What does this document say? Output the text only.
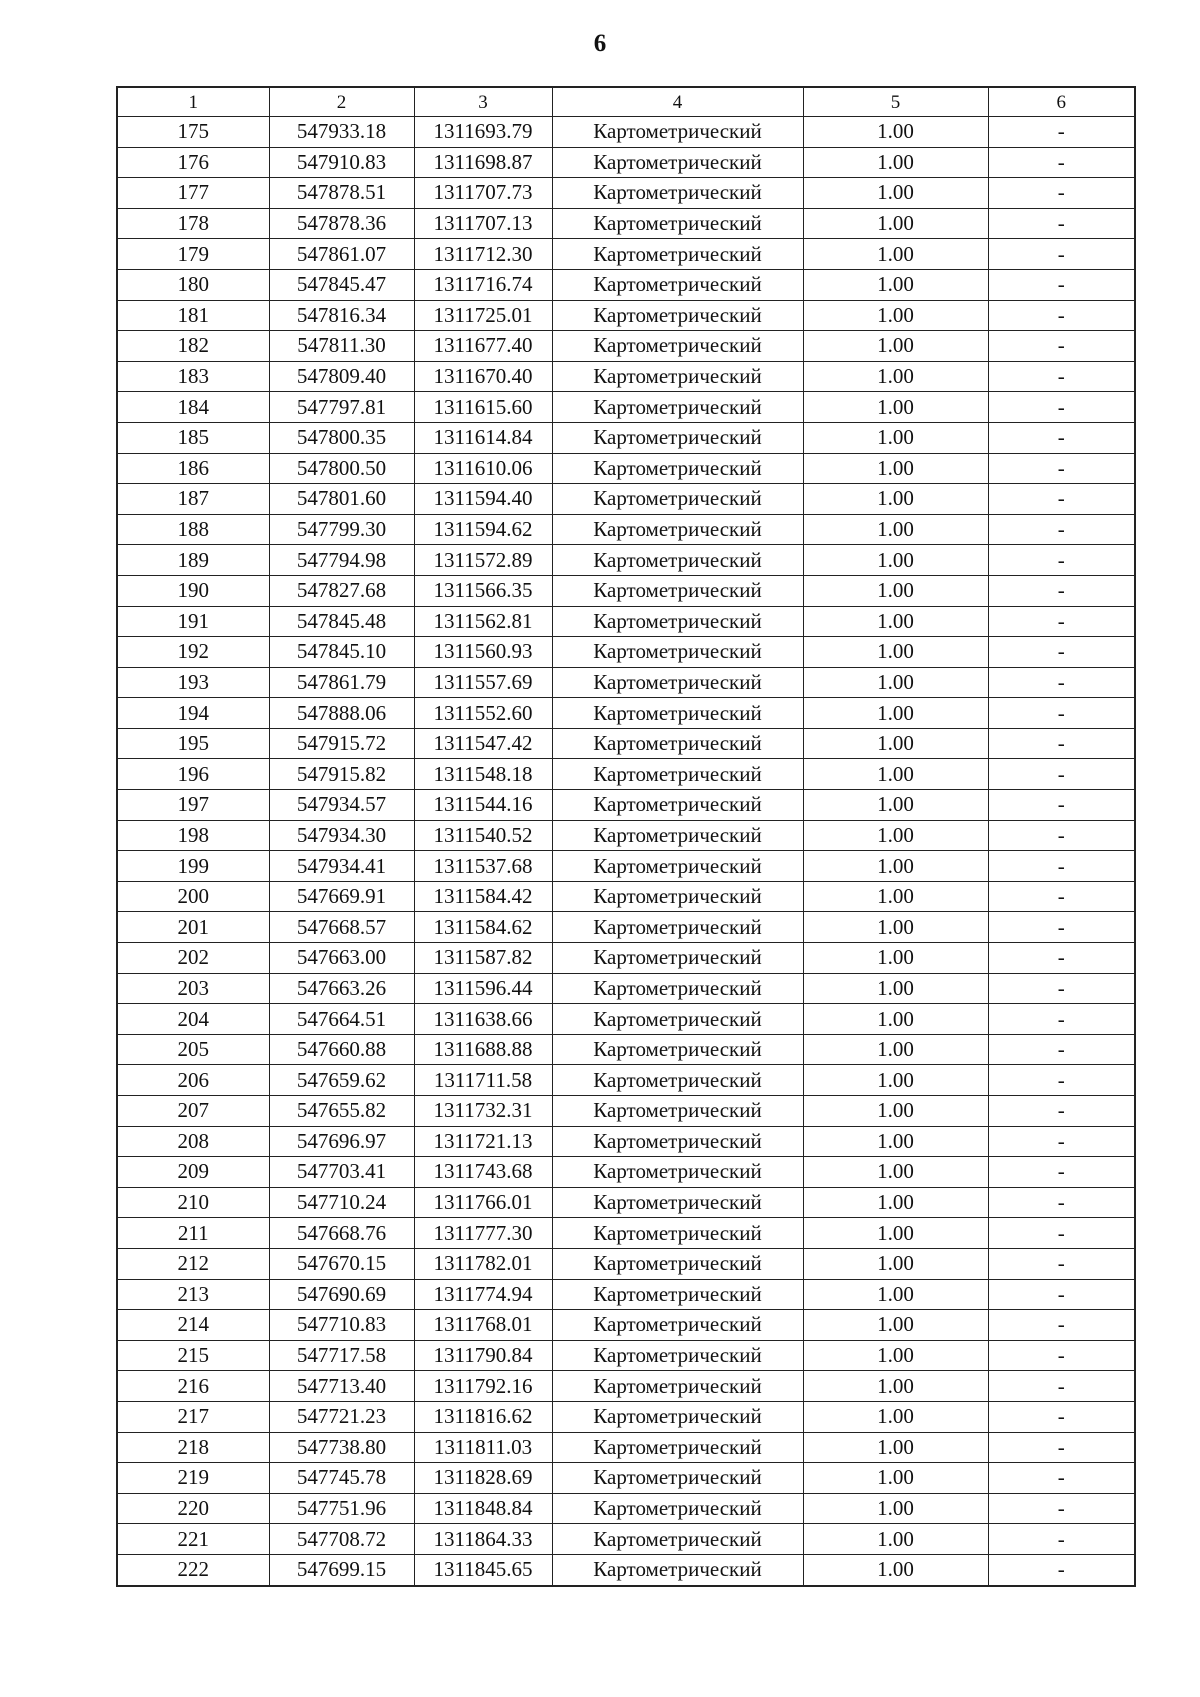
6
1	2	3	4	5	6
175	547933.18	1311693.79	Картометрический	1.00	-
176	547910.83	1311698.87	Картометрический	1.00	-
177	547878.51	1311707.73	Картометрический	1.00	-
178	547878.36	1311707.13	Картометрический	1.00	-
179	547861.07	1311712.30	Картометрический	1.00	-
180	547845.47	1311716.74	Картометрический	1.00	-
181	547816.34	1311725.01	Картометрический	1.00	-
182	547811.30	1311677.40	Картометрический	1.00	-
183	547809.40	1311670.40	Картометрический	1.00	-
184	547797.81	1311615.60	Картометрический	1.00	-
185	547800.35	1311614.84	Картометрический	1.00	-
186	547800.50	1311610.06	Картометрический	1.00	-
187	547801.60	1311594.40	Картометрический	1.00	-
188	547799.30	1311594.62	Картометрический	1.00	-
189	547794.98	1311572.89	Картометрический	1.00	-
190	547827.68	1311566.35	Картометрический	1.00	-
191	547845.48	1311562.81	Картометрический	1.00	-
192	547845.10	1311560.93	Картометрический	1.00	-
193	547861.79	1311557.69	Картометрический	1.00	-
194	547888.06	1311552.60	Картометрический	1.00	-
195	547915.72	1311547.42	Картометрический	1.00	-
196	547915.82	1311548.18	Картометрический	1.00	-
197	547934.57	1311544.16	Картометрический	1.00	-
198	547934.30	1311540.52	Картометрический	1.00	-
199	547934.41	1311537.68	Картометрический	1.00	-
200	547669.91	1311584.42	Картометрический	1.00	-
201	547668.57	1311584.62	Картометрический	1.00	-
202	547663.00	1311587.82	Картометрический	1.00	-
203	547663.26	1311596.44	Картометрический	1.00	-
204	547664.51	1311638.66	Картометрический	1.00	-
205	547660.88	1311688.88	Картометрический	1.00	-
206	547659.62	1311711.58	Картометрический	1.00	-
207	547655.82	1311732.31	Картометрический	1.00	-
208	547696.97	1311721.13	Картометрический	1.00	-
209	547703.41	1311743.68	Картометрический	1.00	-
210	547710.24	1311766.01	Картометрический	1.00	-
211	547668.76	1311777.30	Картометрический	1.00	-
212	547670.15	1311782.01	Картометрический	1.00	-
213	547690.69	1311774.94	Картометрический	1.00	-
214	547710.83	1311768.01	Картометрический	1.00	-
215	547717.58	1311790.84	Картометрический	1.00	-
216	547713.40	1311792.16	Картометрический	1.00	-
217	547721.23	1311816.62	Картометрический	1.00	-
218	547738.80	1311811.03	Картометрический	1.00	-
219	547745.78	1311828.69	Картометрический	1.00	-
220	547751.96	1311848.84	Картометрический	1.00	-
221	547708.72	1311864.33	Картометрический	1.00	-
222	547699.15	1311845.65	Картометрический	1.00	-
